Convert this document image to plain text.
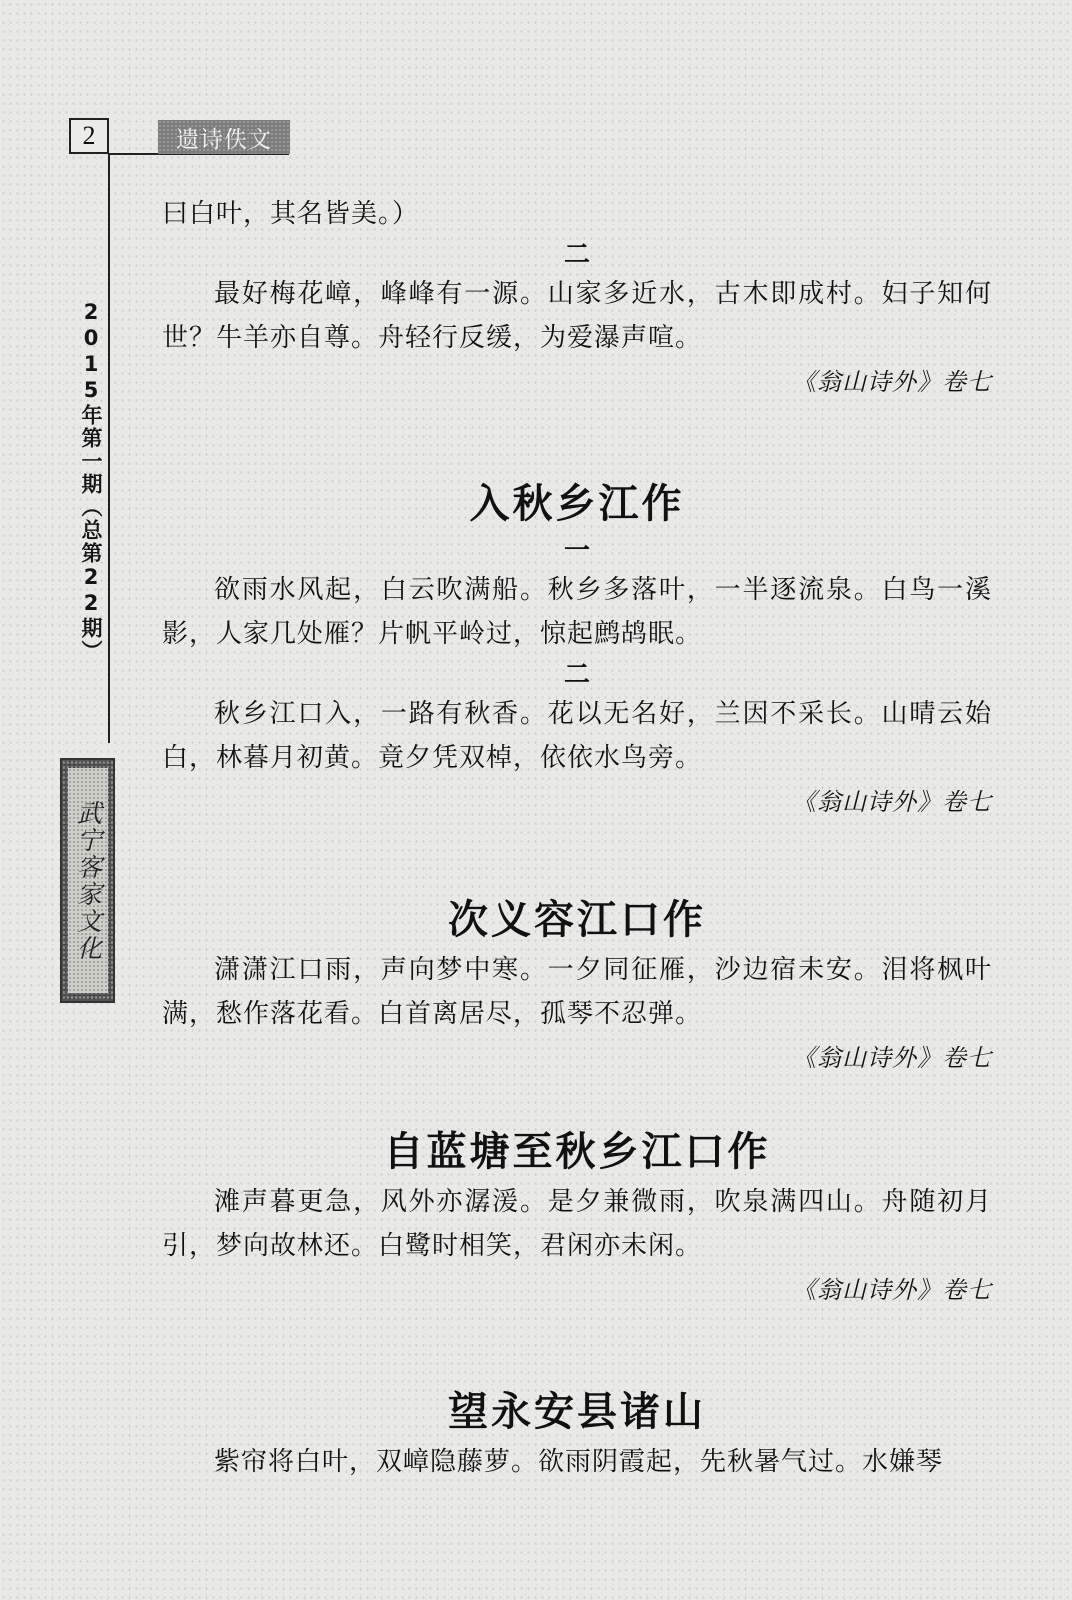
2	遗诗佚文
2015年第一期（总第22期）
武宁客家文化

曰白叶，其名皆美。）

二

最好梅花嶂，峰峰有一源。山家多近水，古木即成村。妇子知何世？牛羊亦自尊。舟轻行反缓，为爱瀑声喧。

《翁山诗外》卷七

入秋乡江作

一

欲雨水风起，白云吹满船。秋乡多落叶，一半逐流泉。白鸟一溪影，人家几处雁？片帆平岭过，惊起鹧鸪眠。

二

秋乡江口入，一路有秋香。花以无名好，兰因不采长。山晴云始白，林暮月初黄。竟夕凭双棹，依依水鸟旁。

《翁山诗外》卷七

次义容江口作

潇潇江口雨，声向梦中寒。一夕同征雁，沙边宿未安。泪将枫叶满，愁作落花看。白首离居尽，孤琴不忍弹。

《翁山诗外》卷七

自蓝塘至秋乡江口作

滩声暮更急，风外亦潺湲。是夕兼微雨，吹泉满四山。舟随初月引，梦向故林还。白鹭时相笑，君闲亦未闲。

《翁山诗外》卷七

望永安县诸山

紫帘将白叶，双嶂隐藤萝。欲雨阴霞起，先秋暑气过。水嫌琴
